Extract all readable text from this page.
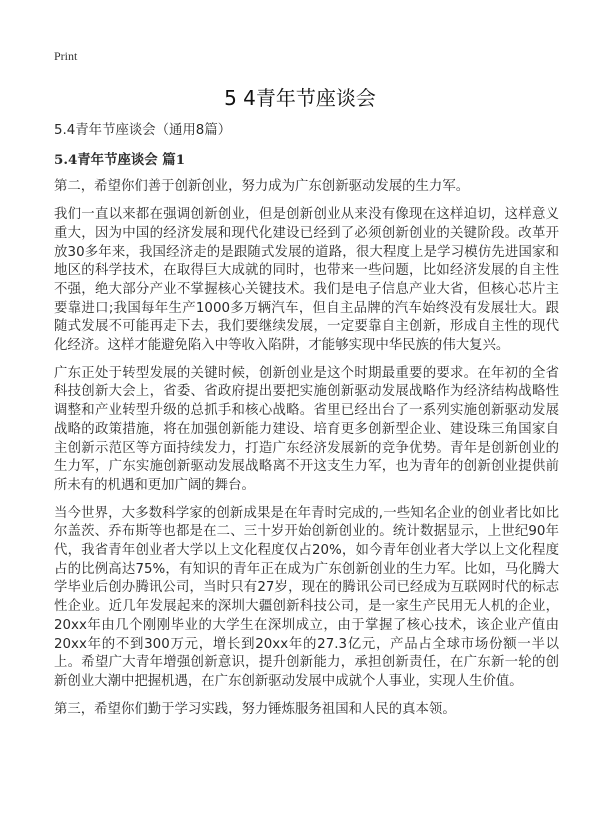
Print
5 4青年节座谈会

5.4青年节座谈会（通用8篇）

5.4青年节座谈会 篇1

第二，希望你们善于创新创业，努力成为广东创新驱动发展的生力军。

我们一直以来都在强调创新创业，但是创新创业从来没有像现在这样迫切，这样意义重大，因为中国的经济发展和现代化建设已经到了必须创新创业的关键阶段。改革开放30多年来，我国经济走的是跟随式发展的道路，很大程度上是学习模仿先进国家和地区的科学技术，在取得巨大成就的同时，也带来一些问题，比如经济发展的自主性不强，绝大部分产业不掌握核心关键技术。我们是电子信息产业大省，但核心芯片主要靠进口;我国每年生产1000多万辆汽车，但自主品牌的汽车始终没有发展壮大。跟随式发展不可能再走下去，我们要继续发展，一定要靠自主创新，形成自主性的现代化经济。这样才能避免陷入中等收入陷阱，才能够实现中华民族的伟大复兴。

广东正处于转型发展的关键时候，创新创业是这个时期最重要的要求。在年初的全省科技创新大会上，省委、省政府提出要把实施创新驱动发展战略作为经济结构战略性调整和产业转型升级的总抓手和核心战略。省里已经出台了一系列实施创新驱动发展战略的政策措施，将在加强创新能力建设、培育更多创新型企业、建设珠三角国家自主创新示范区等方面持续发力，打造广东经济发展新的竞争优势。青年是创新创业的生力军，广东实施创新驱动发展战略离不开这支生力军，也为青年的创新创业提供前所未有的机遇和更加广阔的舞台。

当今世界，大多数科学家的创新成果是在年青时完成的,一些知名企业的创业者比如比尔盖茨、乔布斯等也都是在二、三十岁开始创新创业的。统计数据显示，上世纪90年代，我省青年创业者大学以上文化程度仅占20%，如今青年创业者大学以上文化程度占的比例高达75%，有知识的青年正在成为广东创新创业的生力军。比如，马化腾大学毕业后创办腾讯公司，当时只有27岁，现在的腾讯公司已经成为互联网时代的标志性企业。近几年发展起来的深圳大疆创新科技公司，是一家生产民用无人机的企业，20xx年由几个刚刚毕业的大学生在深圳成立，由于掌握了核心技术，该企业产值由20xx年的不到300万元，增长到20xx年的27.3亿元，产品占全球市场份额一半以上。希望广大青年增强创新意识，提升创新能力，承担创新责任，在广东新一轮的创新创业大潮中把握机遇，在广东创新驱动发展中成就个人事业，实现人生价值。

第三，希望你们勤于学习实践，努力锤炼服务祖国和人民的真本领。
